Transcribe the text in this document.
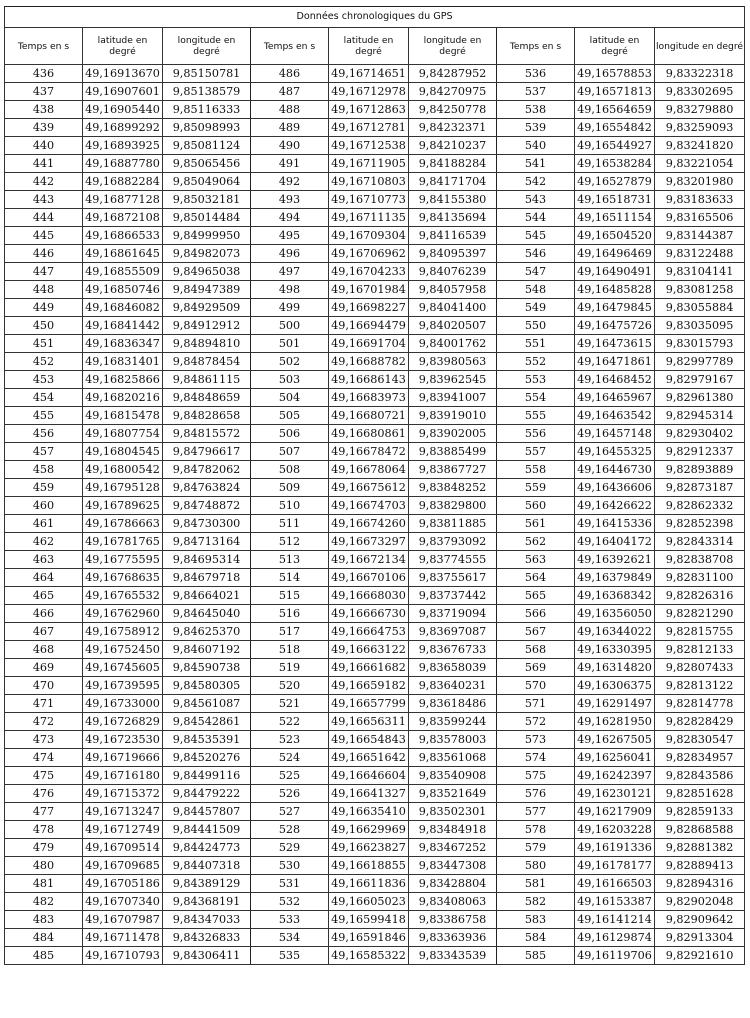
Données chronologiques du GPS								
Temps en s	latitude en degré	longitude en degré	Temps en s	latitude en degré	longitude en degré	Temps en s	latitude en degré	longitude en degré
436	49,16913670	9,85150781	486	49,16714651	9,84287952	536	49,16578853	9,83322318
437	49,16907601	9,85138579	487	49,16712978	9,84270975	537	49,16571813	9,83302695
438	49,16905440	9,85116333	488	49,16712863	9,84250778	538	49,16564659	9,83279880
439	49,16899292	9,85098993	489	49,16712781	9,84232371	539	49,16554842	9,83259093
440	49,16893925	9,85081124	490	49,16712538	9,84210237	540	49,16544927	9,83241820
441	49,16887780	9,85065456	491	49,16711905	9,84188284	541	49,16538284	9,83221054
442	49,16882284	9,85049064	492	49,16710803	9,84171704	542	49,16527879	9,83201980
443	49,16877128	9,85032181	493	49,16710773	9,84155380	543	49,16518731	9,83183633
444	49,16872108	9,85014484	494	49,16711135	9,84135694	544	49,16511154	9,83165506
445	49,16866533	9,84999950	495	49,16709304	9,84116539	545	49,16504520	9,83144387
446	49,16861645	9,84982073	496	49,16706962	9,84095397	546	49,16496469	9,83122488
447	49,16855509	9,84965038	497	49,16704233	9,84076239	547	49,16490491	9,83104141
448	49,16850746	9,84947389	498	49,16701984	9,84057958	548	49,16485828	9,83081258
449	49,16846082	9,84929509	499	49,16698227	9,84041400	549	49,16479845	9,83055884
450	49,16841442	9,84912912	500	49,16694479	9,84020507	550	49,16475726	9,83035095
451	49,16836347	9,84894810	501	49,16691704	9,84001762	551	49,16473615	9,83015793
452	49,16831401	9,84878454	502	49,16688782	9,83980563	552	49,16471861	9,82997789
453	49,16825866	9,84861115	503	49,16686143	9,83962545	553	49,16468452	9,82979167
454	49,16820216	9,84848659	504	49,16683973	9,83941007	554	49,16465967	9,82961380
455	49,16815478	9,84828658	505	49,16680721	9,83919010	555	49,16463542	9,82945314
456	49,16807754	9,84815572	506	49,16680861	9,83902005	556	49,16457148	9,82930402
457	49,16804545	9,84796617	507	49,16678472	9,83885499	557	49,16455325	9,82912337
458	49,16800542	9,84782062	508	49,16678064	9,83867727	558	49,16446730	9,82893889
459	49,16795128	9,84763824	509	49,16675612	9,83848252	559	49,16436606	9,82873187
460	49,16789625	9,84748872	510	49,16674703	9,83829800	560	49,16426622	9,82862332
461	49,16786663	9,84730300	511	49,16674260	9,83811885	561	49,16415336	9,82852398
462	49,16781765	9,84713164	512	49,16673297	9,83793092	562	49,16404172	9,82843314
463	49,16775595	9,84695314	513	49,16672134	9,83774555	563	49,16392621	9,82838708
464	49,16768635	9,84679718	514	49,16670106	9,83755617	564	49,16379849	9,82831100
465	49,16765532	9,84664021	515	49,16668030	9,83737442	565	49,16368342	9,82826316
466	49,16762960	9,84645040	516	49,16666730	9,83719094	566	49,16356050	9,82821290
467	49,16758912	9,84625370	517	49,16664753	9,83697087	567	49,16344022	9,82815755
468	49,16752450	9,84607192	518	49,16663122	9,83676733	568	49,16330395	9,82812133
469	49,16745605	9,84590738	519	49,16661682	9,83658039	569	49,16314820	9,82807433
470	49,16739595	9,84580305	520	49,16659182	9,83640231	570	49,16306375	9,82813122
471	49,16733000	9,84561087	521	49,16657799	9,83618486	571	49,16291497	9,82814778
472	49,16726829	9,84542861	522	49,16656311	9,83599244	572	49,16281950	9,82828429
473	49,16723530	9,84535391	523	49,16654843	9,83578003	573	49,16267505	9,82830547
474	49,16719666	9,84520276	524	49,16651642	9,83561068	574	49,16256041	9,82834957
475	49,16716180	9,84499116	525	49,16646604	9,83540908	575	49,16242397	9,82843586
476	49,16715372	9,84479222	526	49,16641327	9,83521649	576	49,16230121	9,82851628
477	49,16713247	9,84457807	527	49,16635410	9,83502301	577	49,16217909	9,82859133
478	49,16712749	9,84441509	528	49,16629969	9,83484918	578	49,16203228	9,82868588
479	49,16709514	9,84424773	529	49,16623827	9,83467252	579	49,16191336	9,82881382
480	49,16709685	9,84407318	530	49,16618855	9,83447308	580	49,16178177	9,82889413
481	49,16705186	9,84389129	531	49,16611836	9,83428804	581	49,16166503	9,82894316
482	49,16707340	9,84368191	532	49,16605023	9,83408063	582	49,16153387	9,82902048
483	49,16707987	9,84347033	533	49,16599418	9,83386758	583	49,16141214	9,82909642
484	49,16711478	9,84326833	534	49,16591846	9,83363936	584	49,16129874	9,82913304
485	49,16710793	9,84306411	535	49,16585322	9,83343539	585	49,16119706	9,82921610
